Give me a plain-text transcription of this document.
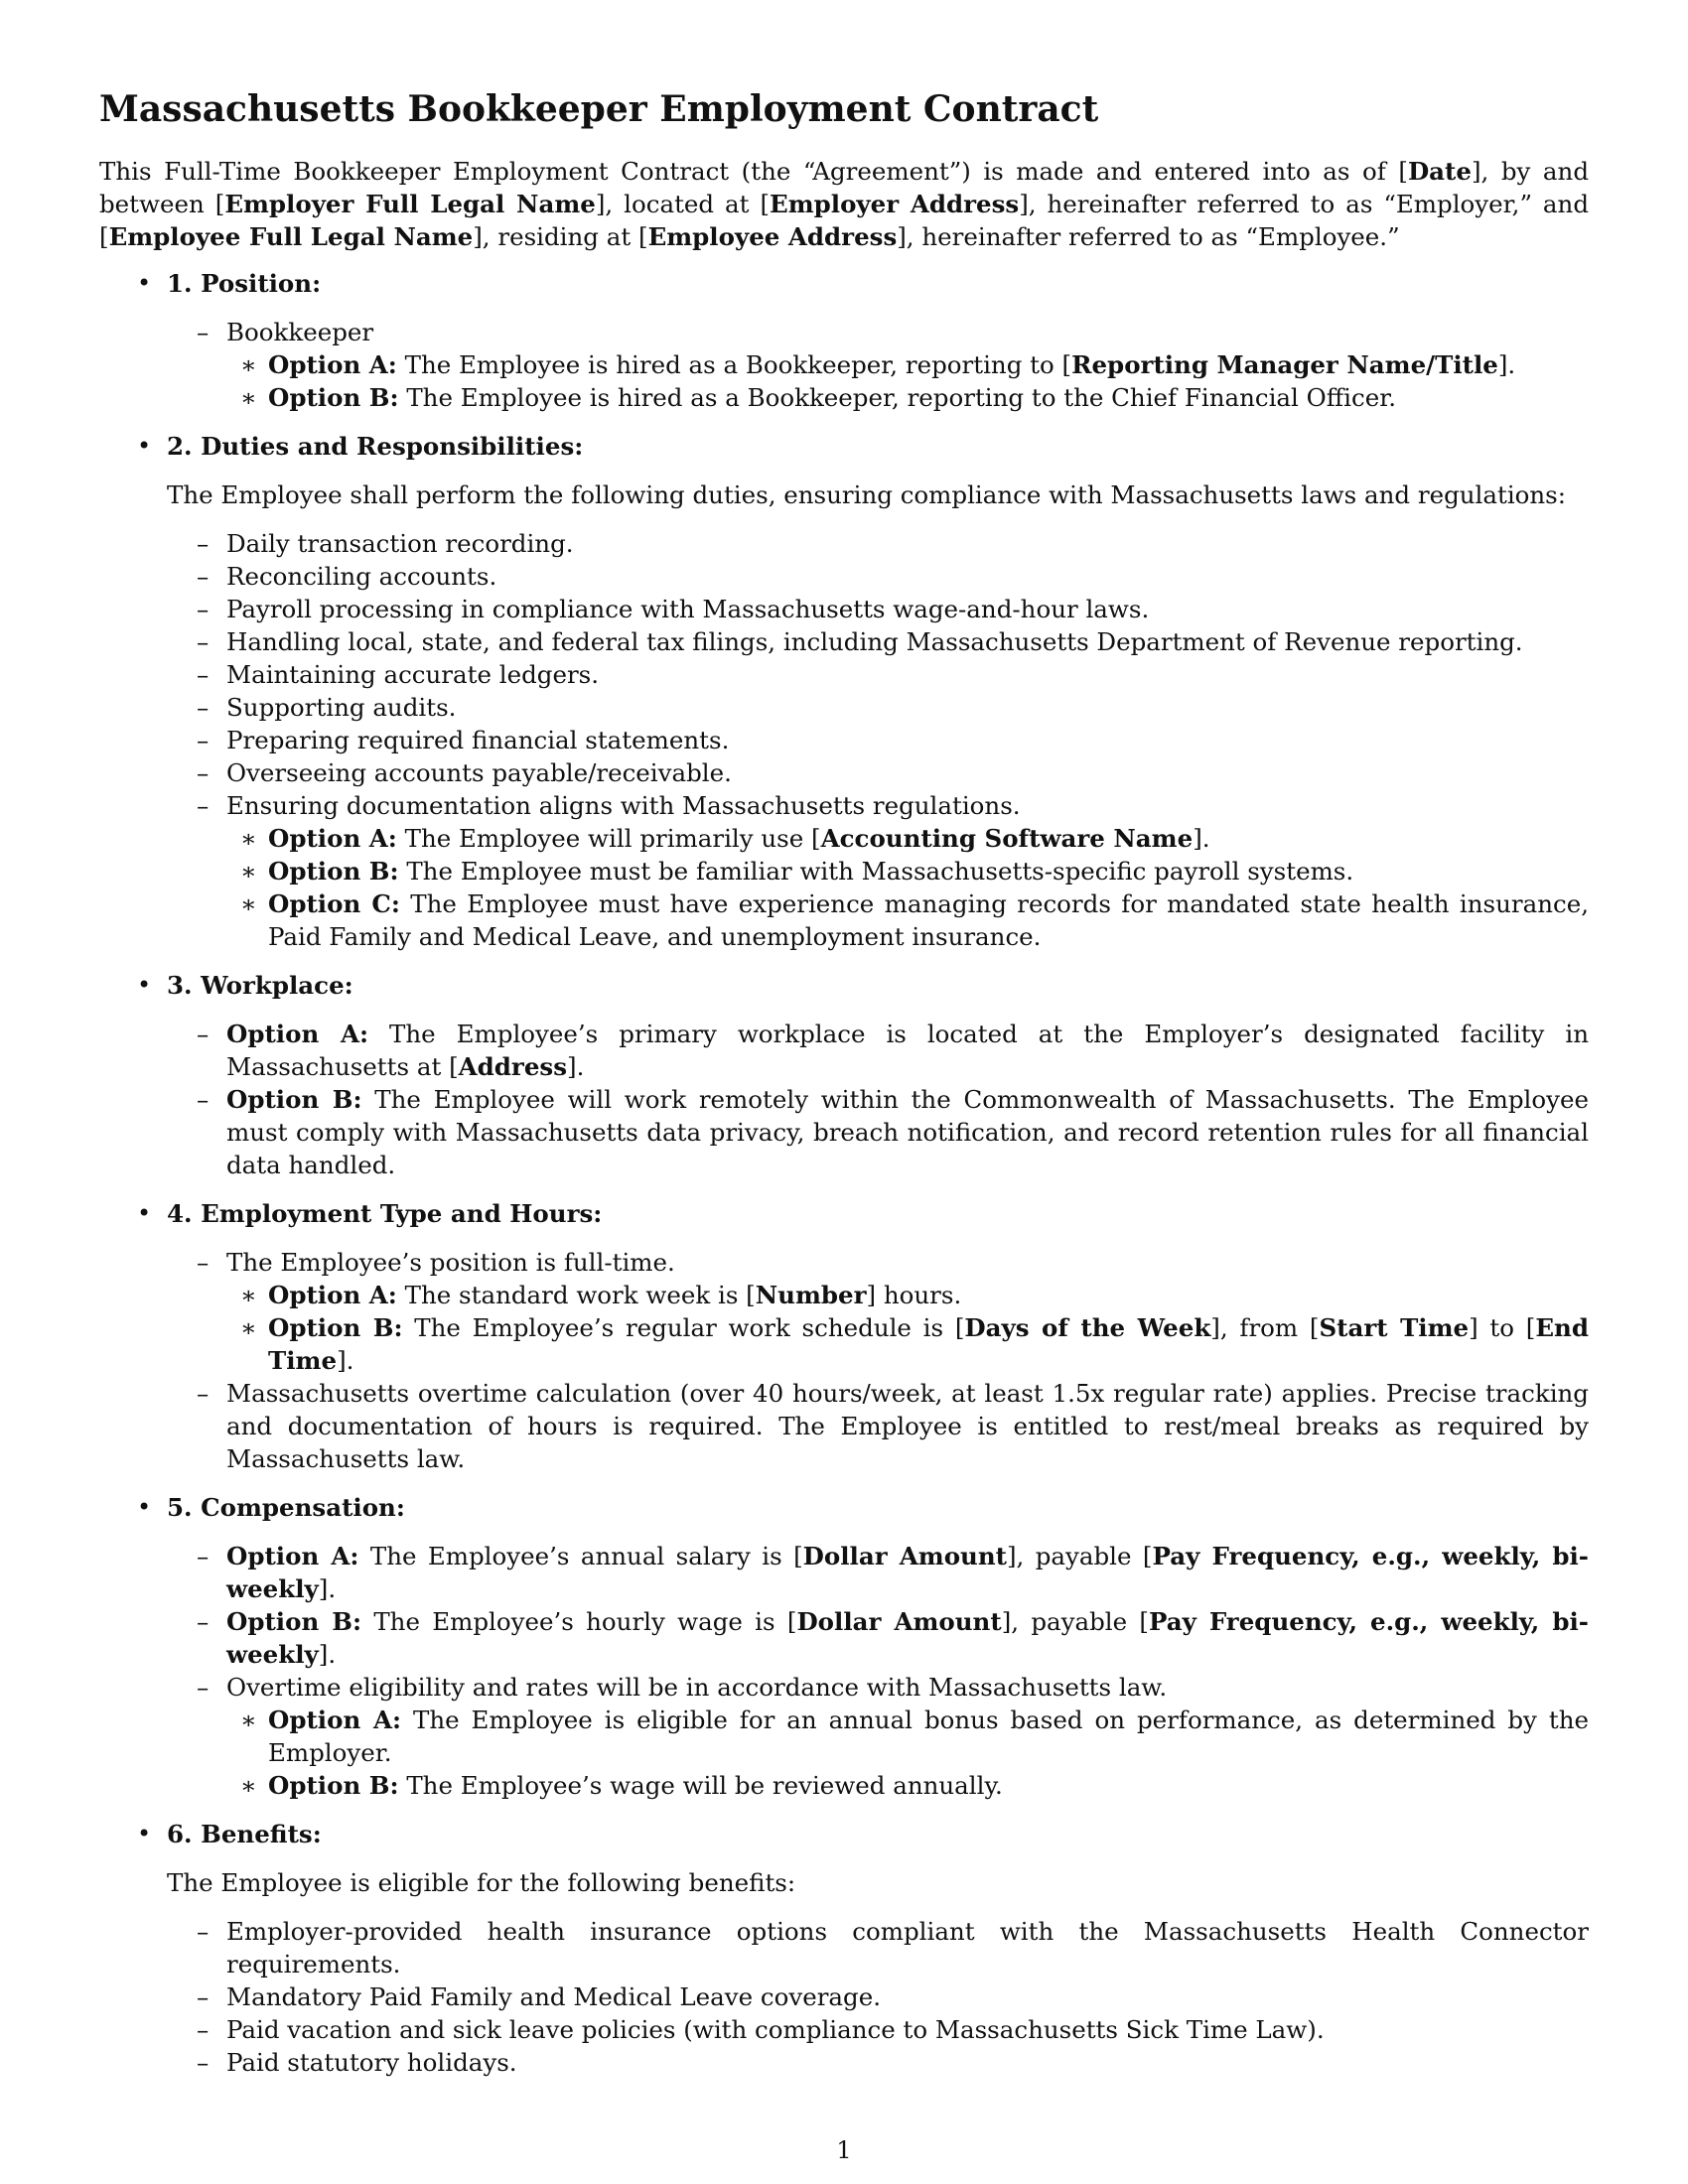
Massachusetts Bookkeeper Employment Contract

This Full-Time Bookkeeper Employment Contract (the “Agreement”) is made and entered into as of [Date], by and between [Employer Full Legal Name], located at [Employer Address], hereinafter referred to as “Employer,” and [Employee Full Legal Name], residing at [Employee Address], hereinafter referred to as “Employee.”

• 1. Position:
– Bookkeeper
∗ Option A: The Employee is hired as a Bookkeeper, reporting to [Reporting Manager Name/Title].
∗ Option B: The Employee is hired as a Bookkeeper, reporting to the Chief Financial Officer.
• 2. Duties and Responsibilities:

The Employee shall perform the following duties, ensuring compliance with Massachusetts laws and regulations:

– Daily transaction recording.
– Reconciling accounts.
– Payroll processing in compliance with Massachusetts wage-and-hour laws.
– Handling local, state, and federal tax filings, including Massachusetts Department of Revenue reporting.
– Maintaining accurate ledgers.
– Supporting audits.
– Preparing required financial statements.
– Overseeing accounts payable/receivable.
– Ensuring documentation aligns with Massachusetts regulations.
∗ Option A: The Employee will primarily use [Accounting Software Name].
∗ Option B: The Employee must be familiar with Massachusetts-specific payroll systems.
∗ Option C: The Employee must have experience managing records for mandated state health insurance, Paid Family and Medical Leave, and unemployment insurance.
• 3. Workplace:
– Option A: The Employee’s primary workplace is located at the Employer’s designated facility in Massachusetts at [Address].
– Option B: The Employee will work remotely within the Commonwealth of Massachusetts. The Employee must comply with Massachusetts data privacy, breach notification, and record retention rules for all financial data handled.
• 4. Employment Type and Hours:
– The Employee’s position is full-time.
∗ Option A: The standard work week is [Number] hours.
∗ Option B: The Employee’s regular work schedule is [Days of the Week], from [Start Time] to [End Time].
– Massachusetts overtime calculation (over 40 hours/week, at least 1.5x regular rate) applies. Precise tracking and documentation of hours is required. The Employee is entitled to rest/meal breaks as required by Massachusetts law.
• 5. Compensation:
– Option A: The Employee’s annual salary is [Dollar Amount], payable [Pay Frequency, e.g., weekly, bi-weekly].
– Option B: The Employee’s hourly wage is [Dollar Amount], payable [Pay Frequency, e.g., weekly, bi-weekly].
– Overtime eligibility and rates will be in accordance with Massachusetts law.
∗ Option A: The Employee is eligible for an annual bonus based on performance, as determined by the Employer.
∗ Option B: The Employee’s wage will be reviewed annually.
• 6. Benefits:

The Employee is eligible for the following benefits:

– Employer-provided health insurance options compliant with the Massachusetts Health Connector requirements.
– Mandatory Paid Family and Medical Leave coverage.
– Paid vacation and sick leave policies (with compliance to Massachusetts Sick Time Law).
– Paid statutory holidays.
1
